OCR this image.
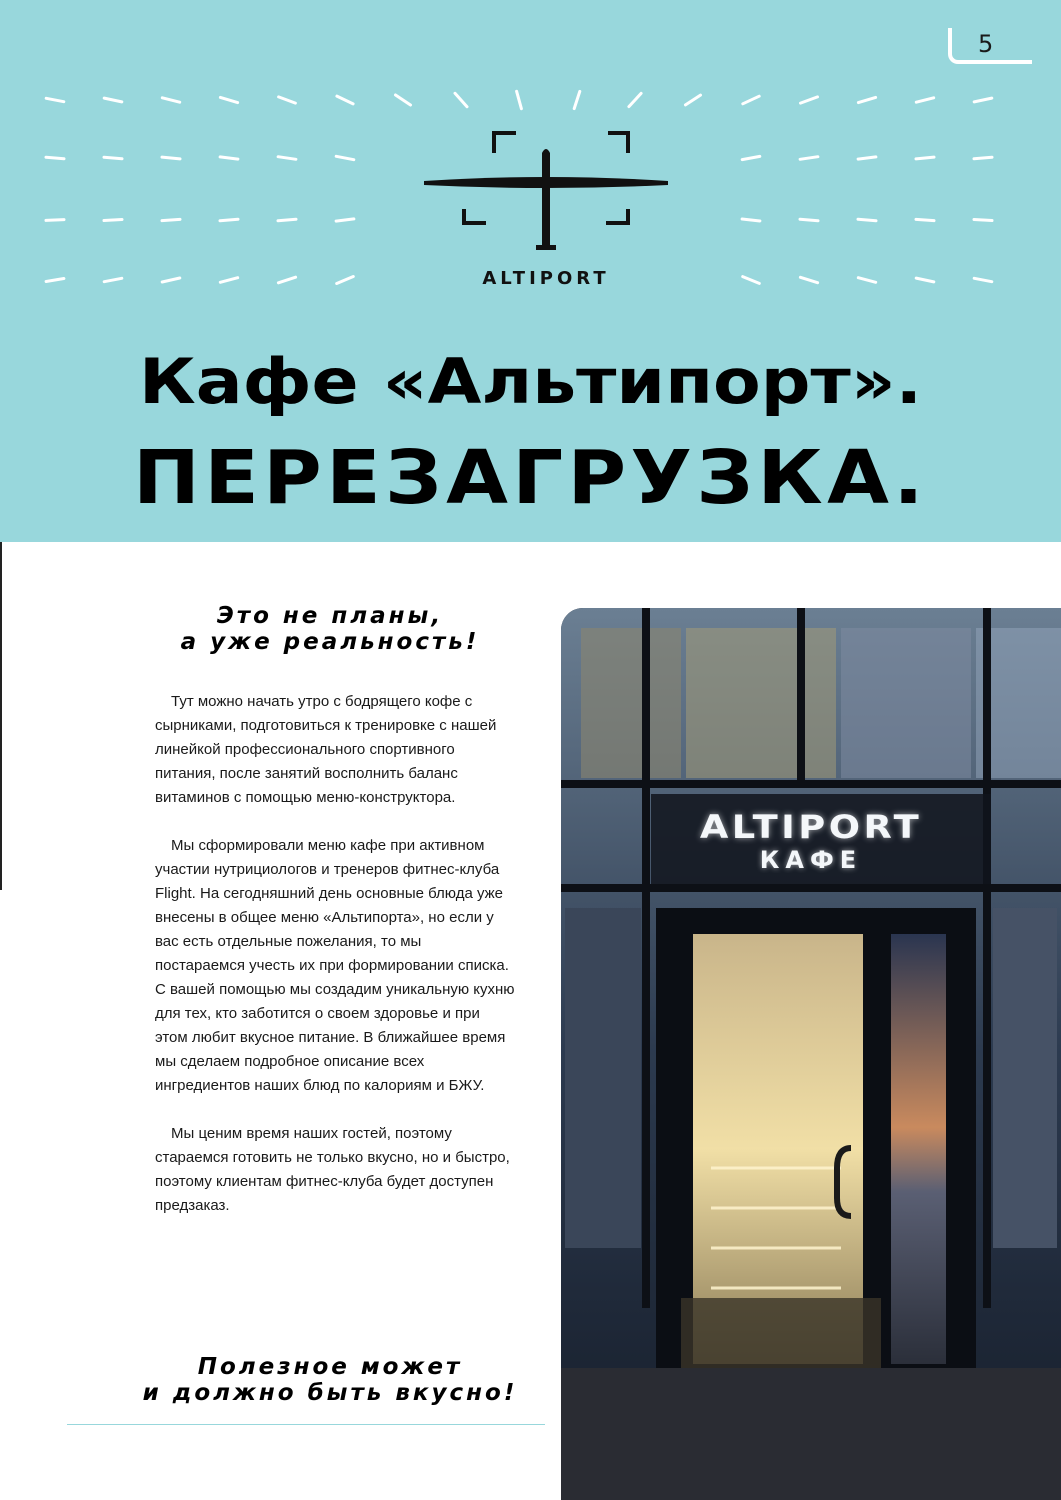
5
ALTIPORT
Кафе «Альтипорт».
ПЕРЕЗАГРУЗКА.
Это не планы,
а уже реальность!

Тут можно начать утро с бодрящего кофе с сырниками, подготовиться к тренировке с нашей линейкой профессионального спортивного питания, после занятий восполнить баланс витаминов с помощью меню-конструктора.

Мы сформировали меню кафе при активном участии нутрициологов и тренеров фитнес-клуба Flight. На сегодняшний день основные блюда уже внесены в общее меню «Альтипорта», но если у вас есть отдельные пожелания, то мы постараемся учесть их при формировании списка. С вашей помощью мы создадим уникальную кухню для тех, кто заботится о своем здоровье и при этом любит вкусное питание. В ближайшее время мы сделаем подробное описание всех ингредиентов наших блюд по калориям и БЖУ.

Мы ценим время наших гостей, поэтому стараемся готовить не только вкусно, но и быстро, поэтому клиентам фитнес-клуба будет доступен предзаказ.

Полезное может
и должно быть вкусно!
ALTIPORT
КАФЕ
